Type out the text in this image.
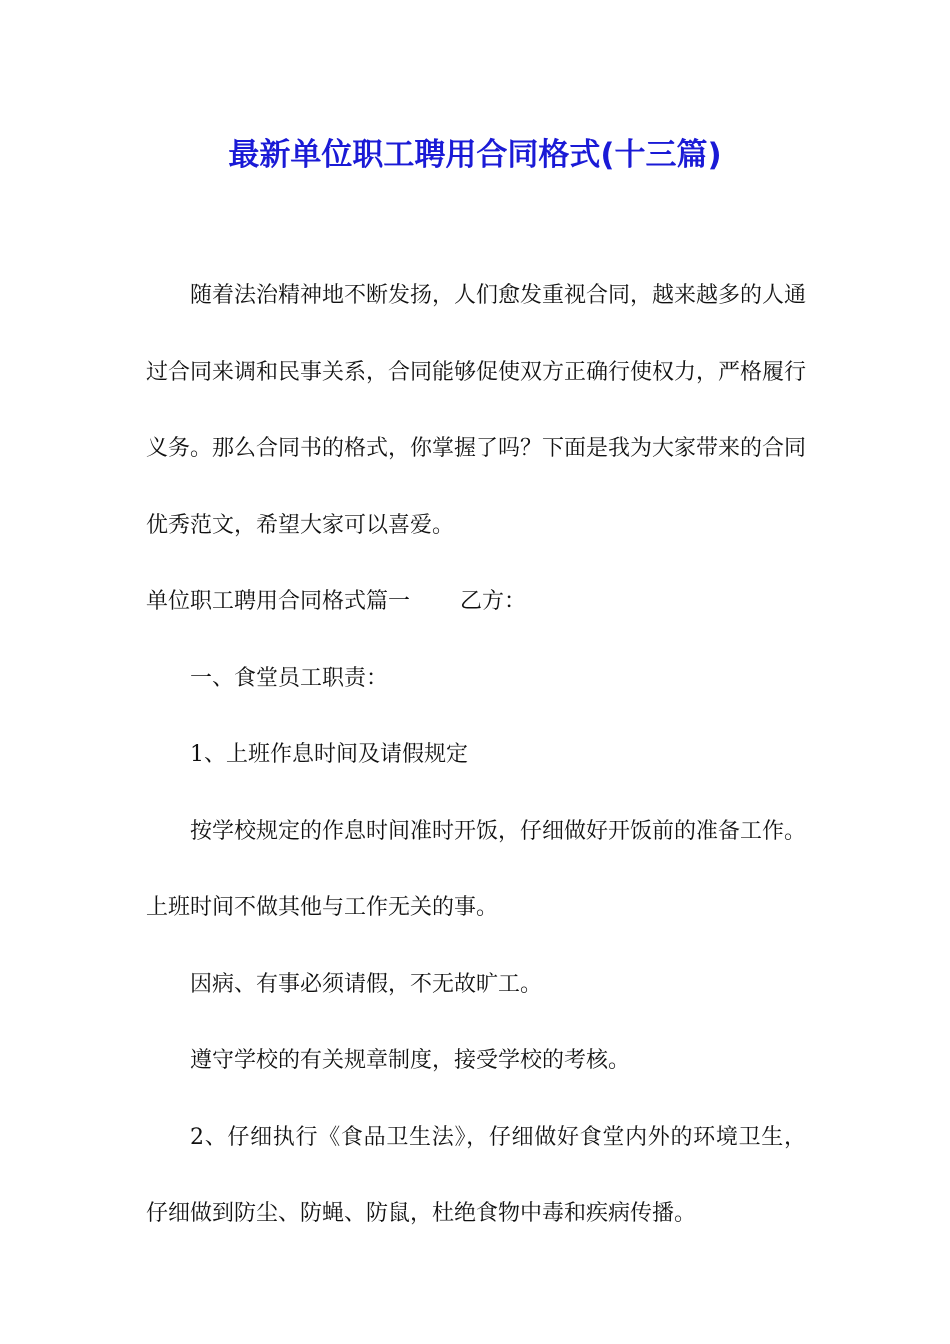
最新单位职工聘用合同格式(十三篇)

随着法治精神地不断发扬，人们愈发重视合同，越来越多的人通过合同来调和民事关系，合同能够促使双方正确行使权力，严格履行义务。那么合同书的格式，你掌握了吗？下面是我为大家带来的合同优秀范文，希望大家可以喜爱。

单位职工聘用合同格式篇一 乙方：

一、食堂员工职责：

1、上班作息时间及请假规定

按学校规定的作息时间准时开饭，仔细做好开饭前的准备工作。上班时间不做其他与工作无关的事。

因病、有事必须请假，不无故旷工。

遵守学校的有关规章制度，接受学校的考核。

2、仔细执行《食品卫生法》，仔细做好食堂内外的环境卫生，仔细做到防尘、防蝇、防鼠，杜绝食物中毒和疾病传播。
